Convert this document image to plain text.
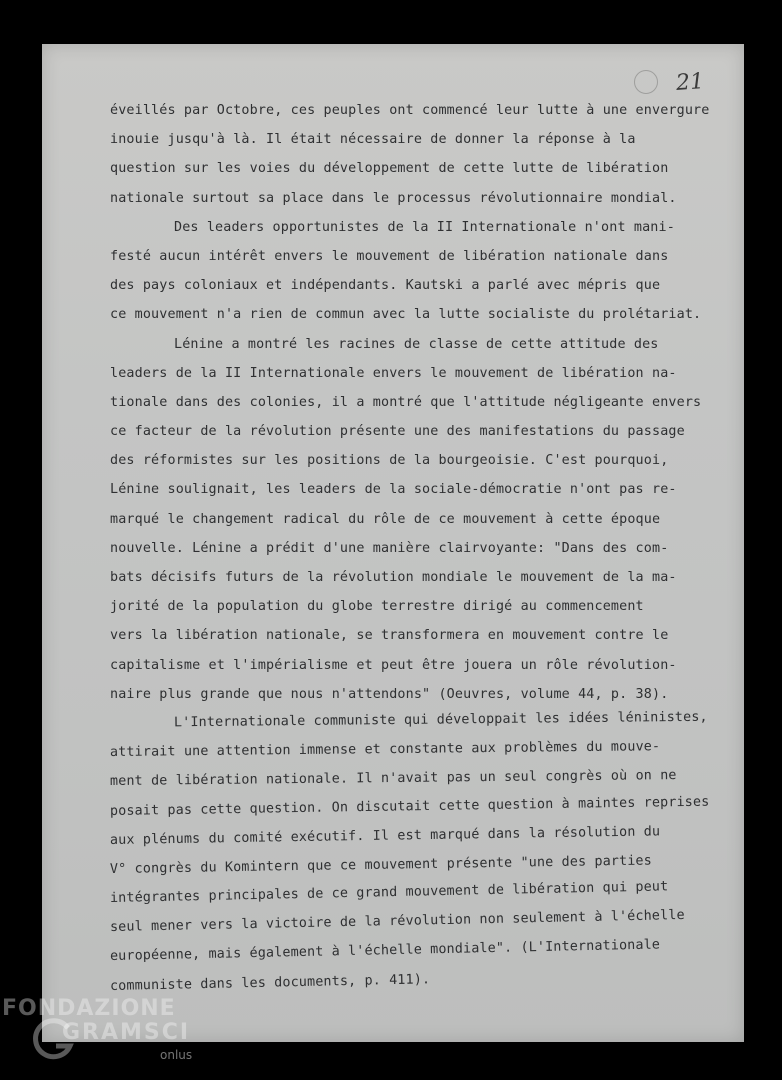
21
éveillés par Octobre, ces peuples ont commencé leur lutte à une envergure
inouie jusqu'à là. Il était nécessaire de donner la réponse à la
question sur les voies du développement de cette lutte de libération
nationale surtout sa place dans le processus révolutionnaire mondial.
Des leaders opportunistes de la II Internationale n'ont mani-
festé aucun intérêt envers le mouvement de libération nationale dans
des pays coloniaux et indépendants. Kautski a parlé avec mépris que
ce mouvement n'a rien de commun avec la lutte socialiste du prolétariat.
Lénine a montré les racines de classe de cette attitude des
leaders de la II Internationale envers le mouvement de libération na-
tionale dans des colonies, il a montré que l'attitude négligeante envers
ce facteur de la révolution présente une des manifestations du passage
des réformistes sur les positions de la bourgeoisie. C'est pourquoi,
Lénine soulignait, les leaders de la sociale-démocratie n'ont pas re-
marqué le changement radical du rôle de ce mouvement à cette époque
nouvelle. Lénine a prédit d'une manière clairvoyante: "Dans des com-
bats décisifs futurs de la révolution mondiale le mouvement de la ma-
jorité de la population du globe terrestre dirigé au commencement
vers la libération nationale, se transformera en mouvement contre le
capitalisme et l'impérialisme et peut être jouera un rôle révolution-
naire plus grande que nous n'attendons" (Oeuvres, volume 44, p. 38).
L'Internationale communiste qui développait les idées léninistes,
attirait une attention immense et constante aux problèmes du mouve-
ment de libération nationale. Il n'avait pas un seul congrès où on ne
posait pas cette question. On discutait cette question à maintes reprises
aux plénums du comité exécutif. Il est marqué dans la résolution du
V° congrès du Komintern que ce mouvement présente "une des parties
intégrantes principales de ce grand mouvement de libération qui peut
seul mener vers la victoire de la révolution non seulement à l'échelle
européenne, mais également à l'échelle mondiale". (L'Internationale
communiste dans les documents, p. 411).
FONDAZIONE
GRAMSCI
onlus
